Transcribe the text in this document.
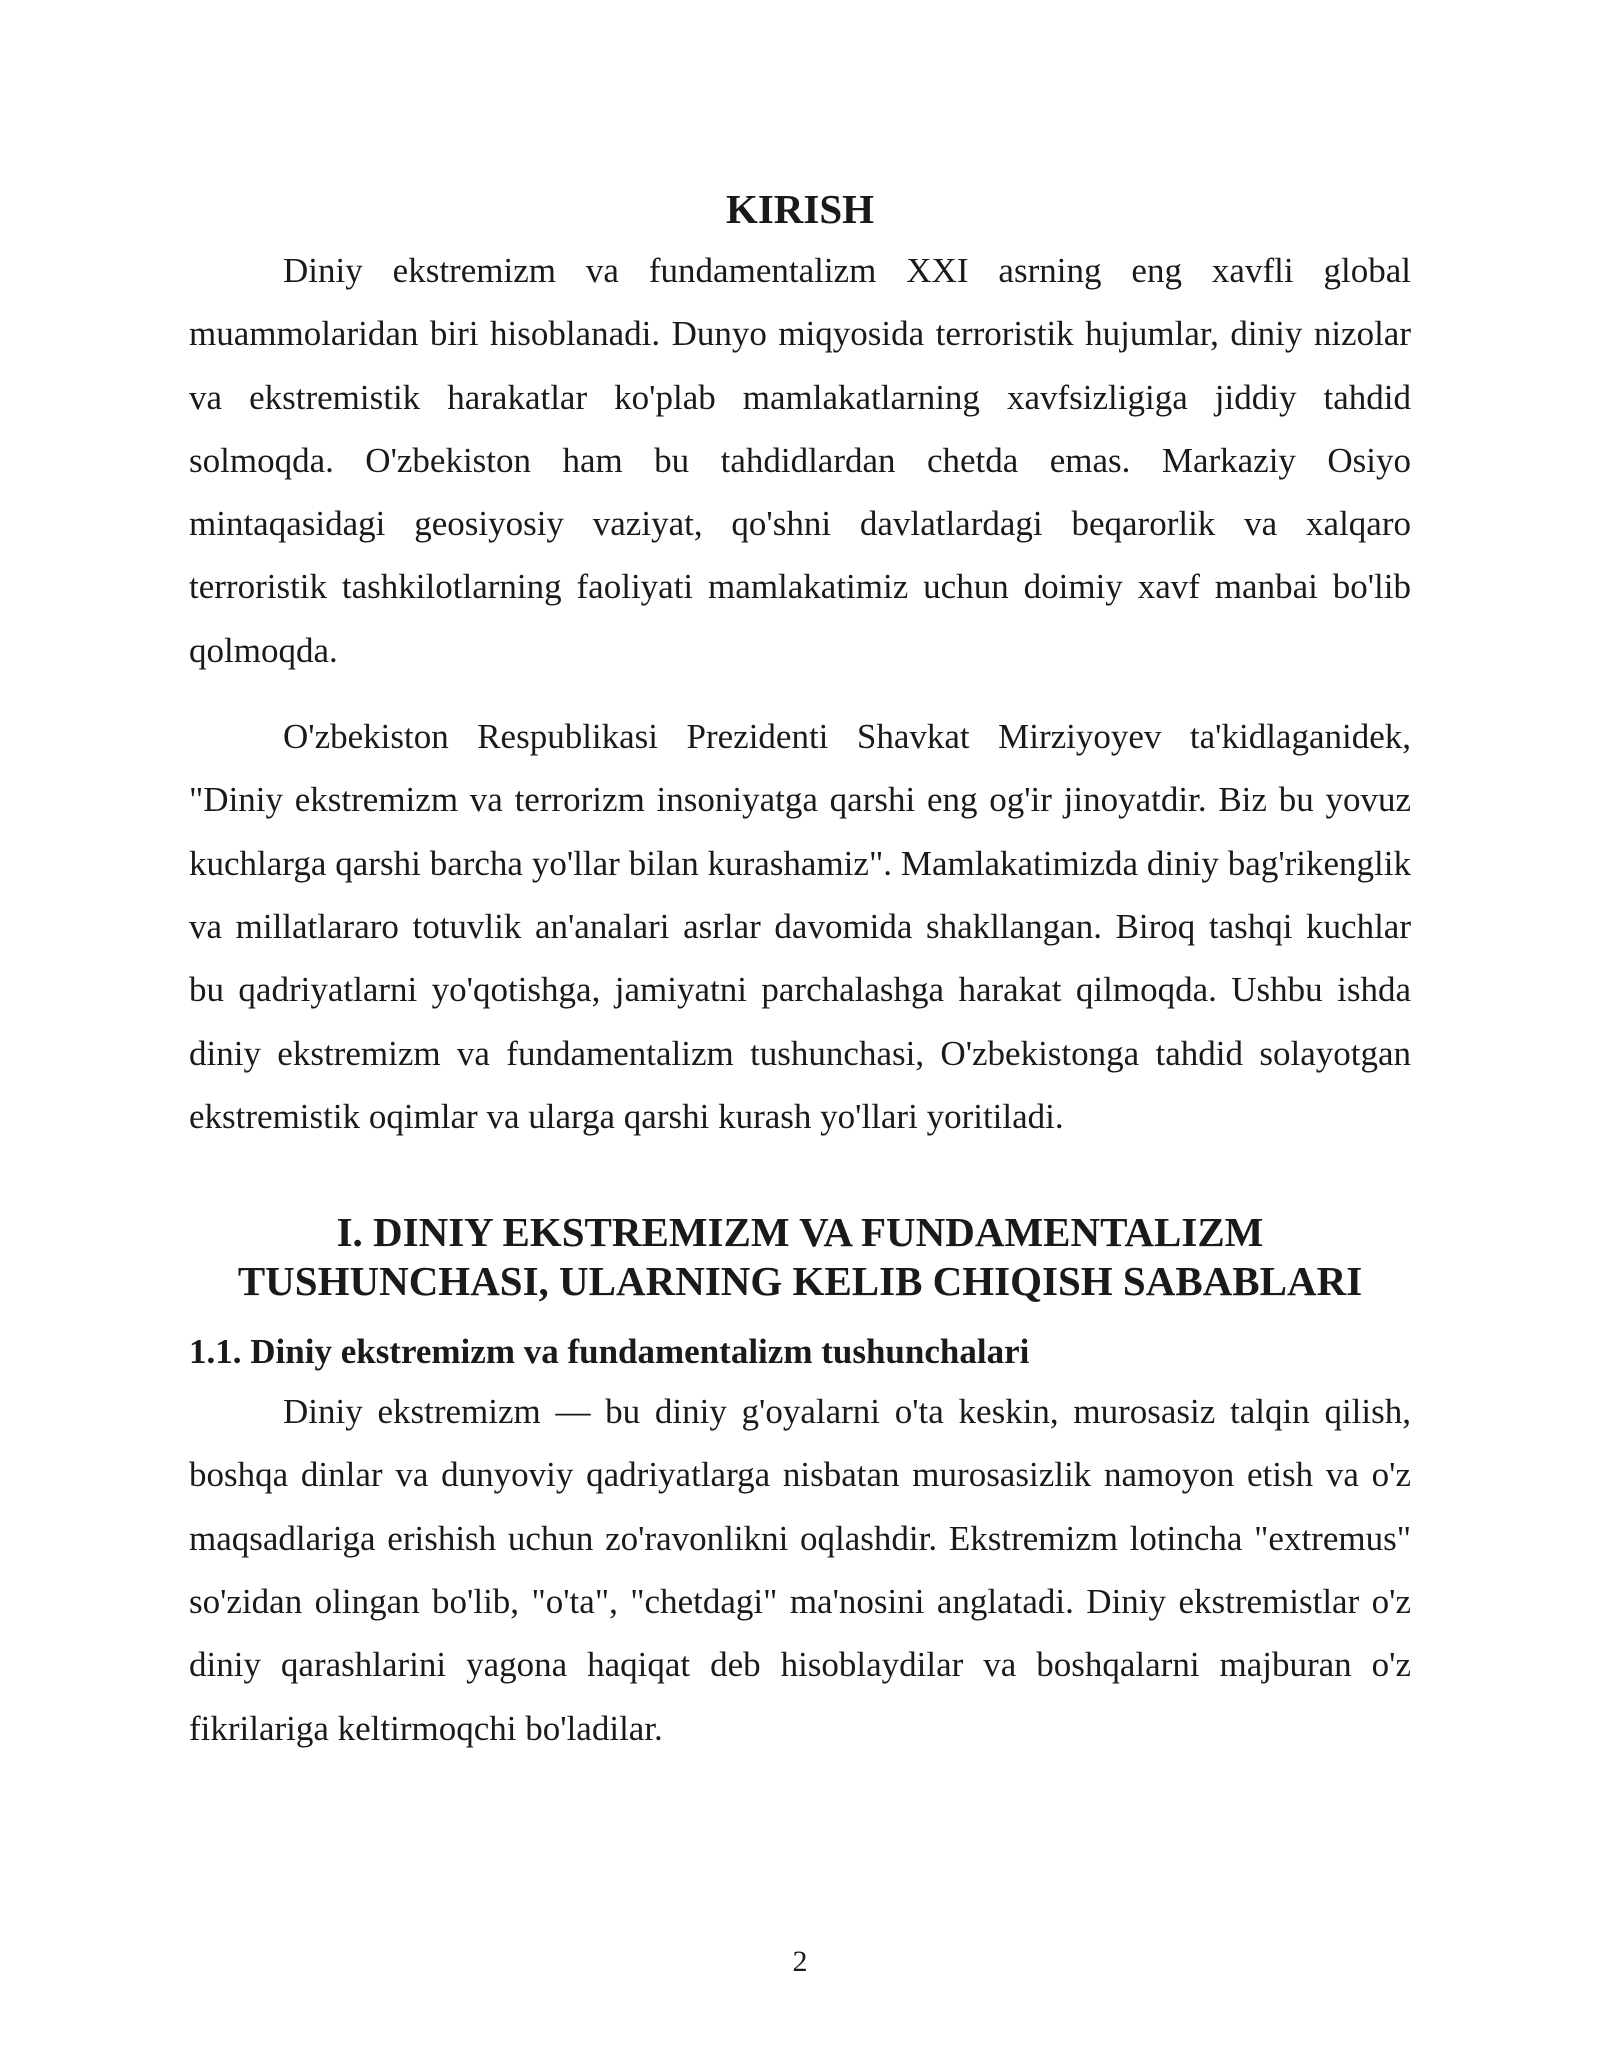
KIRISH

Diniy ekstremizm va fundamentalizm XXI asrning eng xavfli global muammolaridan biri hisoblanadi. Dunyo miqyosida terroristik hujumlar, diniy nizolar va ekstremistik harakatlar ko'plab mamlakatlarning xavfsizligiga jiddiy tahdid solmoqda. O'zbekiston ham bu tahdidlardan chetda emas. Markaziy Osiyo mintaqasidagi geosiyosiy vaziyat, qo'shni davlatlardagi beqarorlik va xalqaro terroristik tashkilotlarning faoliyati mamlakatimiz uchun doimiy xavf manbai bo'lib qolmoqda.

O'zbekiston Respublikasi Prezidenti Shavkat Mirziyoyev ta'kidlaganidek, "Diniy ekstremizm va terrorizm insoniyatga qarshi eng og'ir jinoyatdir. Biz bu yovuz kuchlarga qarshi barcha yo'llar bilan kurashamiz". Mamlakatimizda diniy bag'rikenglik va millatlararo totuvlik an'analari asrlar davomida shakllangan. Biroq tashqi kuchlar bu qadriyatlarni yo'qotishga, jamiyatni parchalashga harakat qilmoqda. Ushbu ishda diniy ekstremizm va fundamentalizm tushunchasi, O'zbekistonga tahdid solayotgan ekstremistik oqimlar va ularga qarshi kurash yo'llari yoritiladi.

I. DINIY EKSTREMIZM VA FUNDAMENTALIZM
TUSHUNCHASI, ULARNING KELIB CHIQISH SABABLARI
1.1. Diniy ekstremizm va fundamentalizm tushunchalari

Diniy ekstremizm — bu diniy g'oyalarni o'ta keskin, murosasiz talqin qilish, boshqa dinlar va dunyoviy qadriyatlarga nisbatan murosasizlik namoyon etish va o'z maqsadlariga erishish uchun zo'ravonlikni oqlashdir. Ekstremizm lotincha "extremus" so'zidan olingan bo'lib, "o'ta", "chetdagi" ma'nosini anglatadi. Diniy ekstremistlar o'z diniy qarashlarini yagona haqiqat deb hisoblaydilar va boshqalarni majburan o'z fikrilariga keltirmoqchi bo'ladilar.

2
